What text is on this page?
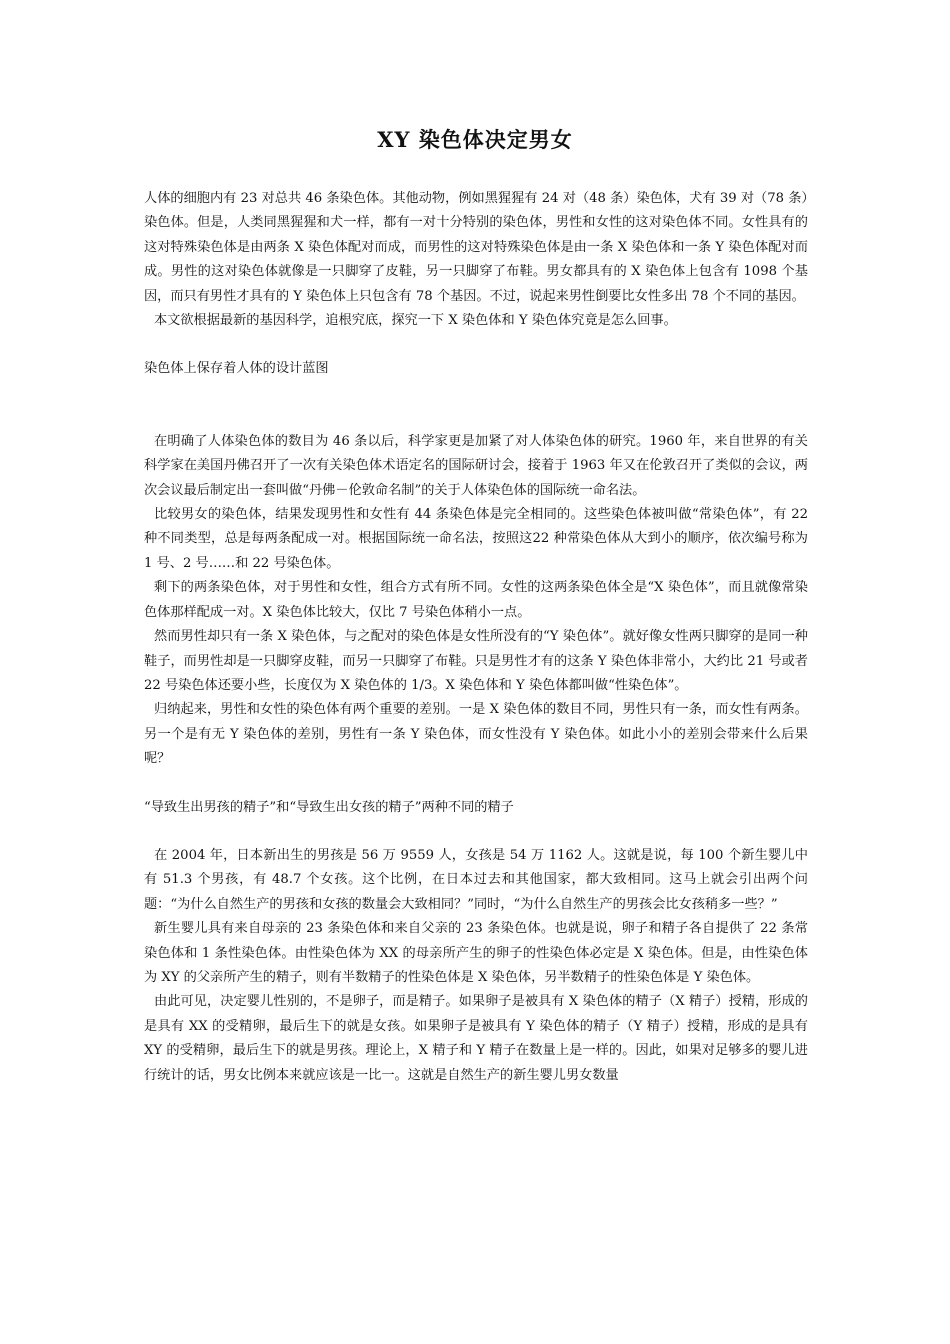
XY 染色体决定男女

人体的细胞内有 23 对总共 46 条染色体。其他动物，例如黑猩猩有 24 对（48 条）染色体，犬有 39 对（78 条）染色体。但是，人类同黑猩猩和犬一样，都有一对十分特别的染色体，男性和女性的这对染色体不同。女性具有的这对特殊染色体是由两条 X 染色体配对而成，而男性的这对特殊染色体是由一条 X 染色体和一条 Y 染色体配对而成。男性的这对染色体就像是一只脚穿了皮鞋，另一只脚穿了布鞋。男女都具有的 X 染色体上包含有 1098 个基因，而只有男性才具有的 Y 染色体上只包含有 78 个基因。不过，说起来男性倒要比女性多出 78 个不同的基因。

本文欲根据最新的基因科学，追根究底，探究一下 X 染色体和 Y 染色体究竟是怎么回事。

染色体上保存着人体的设计蓝图

在明确了人体染色体的数目为 46 条以后，科学家更是加紧了对人体染色体的研究。1960 年，来自世界的有关科学家在美国丹佛召开了一次有关染色体术语定名的国际研讨会，接着于 1963 年又在伦敦召开了类似的会议，两次会议最后制定出一套叫做“丹佛－伦敦命名制”的关于人体染色体的国际统一命名法。

比较男女的染色体，结果发现男性和女性有 44 条染色体是完全相同的。这些染色体被叫做“常染色体”，有 22 种不同类型，总是每两条配成一对。根据国际统一命名法，按照这22 种常染色体从大到小的顺序，依次编号称为 1 号、2 号……和 22 号染色体。

剩下的两条染色体，对于男性和女性，组合方式有所不同。女性的这两条染色体全是“X 染色体”，而且就像常染色体那样配成一对。X 染色体比较大，仅比 7 号染色体稍小一点。

然而男性却只有一条 X 染色体，与之配对的染色体是女性所没有的“Y 染色体”。就好像女性两只脚穿的是同一种鞋子，而男性却是一只脚穿皮鞋，而另一只脚穿了布鞋。只是男性才有的这条 Y 染色体非常小，大约比 21 号或者 22 号染色体还要小些，长度仅为 X 染色体的 1/3。X 染色体和 Y 染色体都叫做“性染色体”。

归纳起来，男性和女性的染色体有两个重要的差别。一是 X 染色体的数目不同，男性只有一条，而女性有两条。另一个是有无 Y 染色体的差别，男性有一条 Y 染色体，而女性没有 Y 染色体。如此小小的差别会带来什么后果呢？

“导致生出男孩的精子”和“导致生出女孩的精子”两种不同的精子

在 2004 年，日本新出生的男孩是 56 万 9559 人，女孩是 54 万 1162 人。这就是说，每 100 个新生婴儿中有 51.3 个男孩，有 48.7 个女孩。这个比例，在日本过去和其他国家，都大致相同。这马上就会引出两个问题：“为什么自然生产的男孩和女孩的数量会大致相同？”同时，“为什么自然生产的男孩会比女孩稍多一些？”

新生婴儿具有来自母亲的 23 条染色体和来自父亲的 23 条染色体。也就是说，卵子和精子各自提供了 22 条常染色体和 1 条性染色体。由性染色体为 XX 的母亲所产生的卵子的性染色体必定是 X 染色体。但是，由性染色体为 XY 的父亲所产生的精子，则有半数精子的性染色体是 X 染色体，另半数精子的性染色体是 Y 染色体。

由此可见，决定婴儿性别的，不是卵子，而是精子。如果卵子是被具有 X 染色体的精子（X 精子）授精，形成的是具有 XX 的受精卵，最后生下的就是女孩。如果卵子是被具有 Y 染色体的精子（Y 精子）授精，形成的是具有 XY 的受精卵，最后生下的就是男孩。理论上，X 精子和 Y 精子在数量上是一样的。因此，如果对足够多的婴儿进行统计的话，男女比例本来就应该是一比一。这就是自然生产的新生婴儿男女数量
